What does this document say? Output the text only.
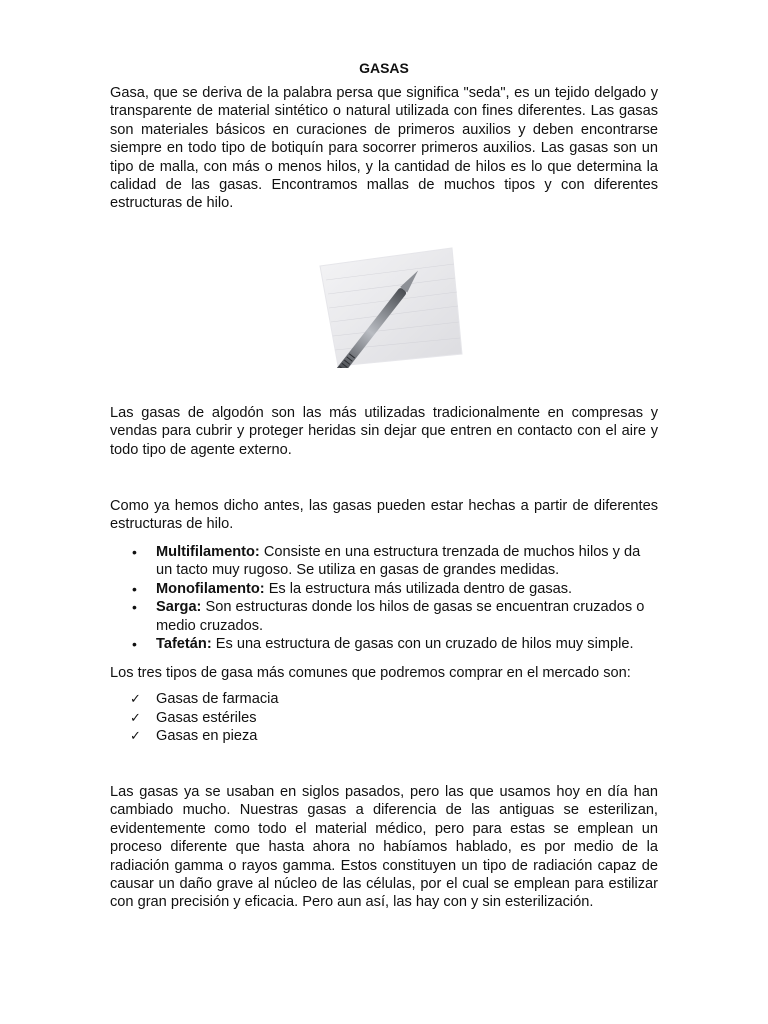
GASAS

Gasa, que se deriva de la palabra persa que significa "seda", es un tejido delgado y transparente de material sintético o natural utilizada con fines diferentes. Las gasas son materiales básicos en curaciones de primeros auxilios y deben encontrarse siempre en todo tipo de botiquín para socorrer primeros auxilios. Las gasas son un tipo de malla, con más o menos hilos, y la cantidad de hilos es lo que determina la calidad de las gasas. Encontramos mallas de muchos tipos y con diferentes estructuras de hilo.

Las gasas de algodón son las más utilizadas tradicionalmente en compresas y vendas para cubrir y proteger heridas sin dejar que entren en contacto con el aire y todo tipo de agente externo.

Como ya hemos dicho antes, las gasas pueden estar hechas a partir de diferentes estructuras de hilo.

• Multifilamento: Consiste en una estructura trenzada de muchos hilos y da un tacto muy rugoso. Se utiliza en gasas de grandes medidas.
• Monofilamento: Es la estructura más utilizada dentro de gasas.
• Sarga: Son estructuras donde los hilos de gasas se encuentran cruzados o medio cruzados.
• Tafetán: Es una estructura de gasas con un cruzado de hilos muy simple.

Los tres tipos de gasa más comunes que podremos comprar en el mercado son:

✓ Gasas de farmacia
✓ Gasas estériles
✓ Gasas en pieza

Las gasas ya se usaban en siglos pasados, pero las que usamos hoy en día han cambiado mucho. Nuestras gasas a diferencia de las antiguas se esterilizan, evidentemente como todo el material médico, pero para estas se emplean un proceso diferente que hasta ahora no habíamos hablado, es por medio de la radiación gamma o rayos gamma. Estos constituyen un tipo de radiación capaz de causar un daño grave al núcleo de las células, por el cual se emplean para estilizar con gran precisión y eficacia. Pero aun así, las hay con y sin esterilización.
